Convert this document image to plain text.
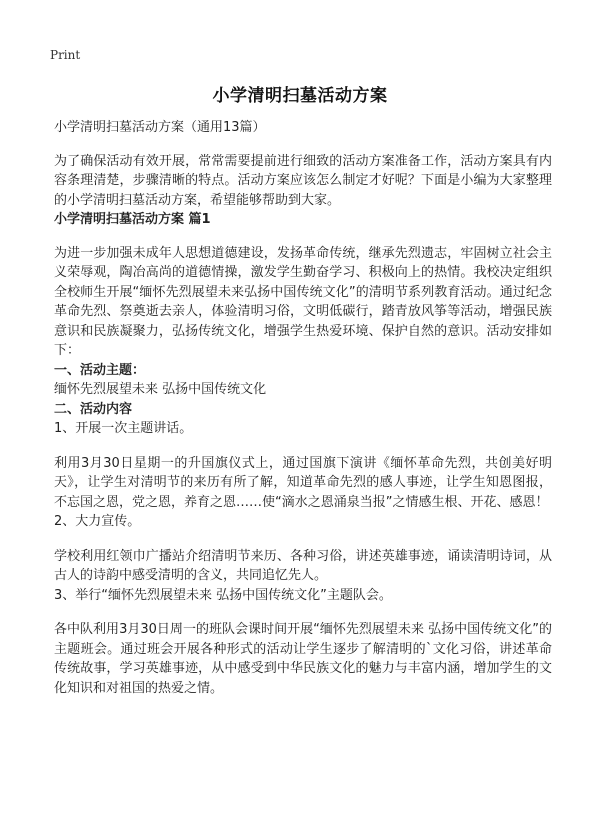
Print
小学清明扫墓活动方案

小学清明扫墓活动方案（通用13篇）

为了确保活动有效开展，常常需要提前进行细致的活动方案准备工作，活动方案具有内容条理清楚，步骤清晰的特点。活动方案应该怎么制定才好呢？下面是小编为大家整理的小学清明扫墓活动方案，希望能够帮助到大家。

小学清明扫墓活动方案 篇1

为进一步加强未成年人思想道德建设，发扬革命传统，继承先烈遗志，牢固树立社会主义荣辱观，陶冶高尚的道德情操，激发学生勤奋学习、积极向上的热情。我校决定组织全校师生开展“缅怀先烈展望未来弘扬中国传统文化”的清明节系列教育活动。通过纪念革命先烈、祭奠逝去亲人，体验清明习俗，文明低碳行，踏青放风筝等活动，增强民族意识和民族凝聚力，弘扬传统文化，增强学生热爱环境、保护自然的意识。活动安排如下：

一、活动主题：

缅怀先烈展望未来 弘扬中国传统文化

二、活动内容

1、开展一次主题讲话。

利用3月30日星期一的升国旗仪式上，通过国旗下演讲《缅怀革命先烈，共创美好明天》，让学生对清明节的来历有所了解，知道革命先烈的感人事迹，让学生知恩图报，不忘国之恩，党之恩，养育之恩……使“滴水之恩涌泉当报”之情感生根、开花、感恩！

2、大力宣传。

学校利用红领巾广播站介绍清明节来历、各种习俗，讲述英雄事迹，诵读清明诗词，从古人的诗韵中感受清明的含义，共同追忆先人。

3、举行“缅怀先烈展望未来 弘扬中国传统文化”主题队会。

各中队利用3月30日周一的班队会课时间开展“缅怀先烈展望未来 弘扬中国传统文化”的主题班会。通过班会开展各种形式的活动让学生逐步了解清明的`文化习俗，讲述革命传统故事，学习英雄事迹，从中感受到中华民族文化的魅力与丰富内涵，增加学生的文化知识和对祖国的热爱之情。
